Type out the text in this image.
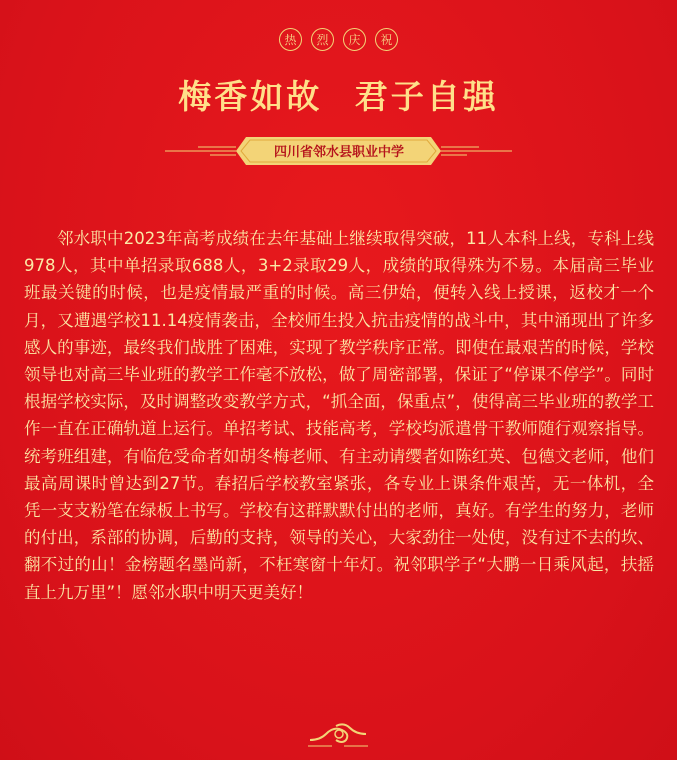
热	烈	庆	祝
梅香如故 君子自强
四川省邻水县职业中学

邻水职中2023年高考成绩在去年基础上继续取得突破，11人本科上线，专科上线978人，其中单招录取688人，3+2录取29人，成绩的取得殊为不易。本届高三毕业班最关键的时候，也是疫情最严重的时候。高三伊始，便转入线上授课，返校才一个月，又遭遇学校11.14疫情袭击，全校师生投入抗击疫情的战斗中，其中涌现出了许多感人的事迹，最终我们战胜了困难，实现了教学秩序正常。即使在最艰苦的时候，学校领导也对高三毕业班的教学工作毫不放松，做了周密部署，保证了“停课不停学”。同时根据学校实际，及时调整改变教学方式，“抓全面，保重点”，使得高三毕业班的教学工作一直在正确轨道上运行。单招考试、技能高考，学校均派遣骨干教师随行观察指导。统考班组建，有临危受命者如胡冬梅老师、有主动请缨者如陈红英、包德文老师，他们最高周课时曾达到27节。春招后学校教室紧张，各专业上课条件艰苦，无一体机，全凭一支支粉笔在绿板上书写。学校有这群默默付出的老师，真好。有学生的努力，老师的付出，系部的协调，后勤的支持，领导的关心，大家劲往一处使，没有过不去的坎、翻不过的山！金榜题名墨尚新，不枉寒窗十年灯。祝邻职学子“大鹏一日乘风起，扶摇直上九万里”！愿邻水职中明天更美好！
